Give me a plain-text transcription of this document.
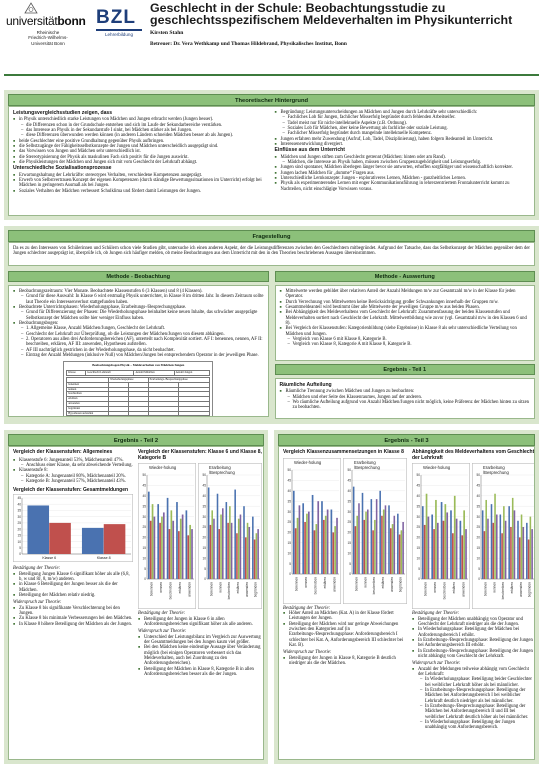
universitätbonn
Rheinische
Friedrich-Wilhelms-
Universität Bonn
BZL
Lehrerbildung
Geschlecht in der Schule: Beobachtungsstudie zu geschlechtsspezifischem Meldeverhalten im Physikunterricht
Kirsten Stahn
Betreuer: Dr. Vera Wethkamp und Thomas Hildebrand, Physikalisches Institut, Bonn
Theoretischer Hintergrund
Leistungsvergleichsstudien zeigen, dass
■ in Physik unterschiedlich starke Leistungen von Mädchen und Jungen erbracht werden (Jungen besser).
– die Differenzen schon in der Grundschule entstehen und sich im Laufe der Sekundarbereiche verstärken.
– das Interesse an Physik in der Sekundarstufe I sinkt, bei Mädchen stärker als bei Jungen.
– diese Differenzen überwunden werden können (in anderen Ländern schneiden Mädchen besser ab als Jungen).
■ beide Geschlechter eine positive Grundhaltung gegenüber Physik aufbringen.
■ die Selbstzugänge der Fähigkeitsselbstkonzepte der Jungen und Mädchen unterscheidlich ausgeprägt sind.
■ das Vorwissen von Jungen und Mädchen sehr unterschiedlich ist.
■ die Stereotypisierung der Physik als maskulinen Fach sich positiv für die Jungen auswirkt.
■ die Physikleistungen der Mädchen und Jungen sich mit vom Geschlecht der Lehrkraft abhängt.
Unterschiedliche Sozialisationsprozesse
■ Erwartungshaltung der Lehrkräfte: stereotypes Verhalten, verschiedene Kompetenzen ausgeprägt.
■ Erwerb von Selbstvertrauen/Konzept der eigenen Kompetenzen (durch ständige Bewertungssituationen im Unterricht) erfolgt bei Mädchen in geringerem Ausmaß als bei Jungen.
■ Soziales Verhalten der Mädchen verbessert Schulklima und fördert damit Leistungen der Jungen.
■ Begründung: Leistungsunterscheidungen an Mädchen und Jungen durch Lehrkräfte sehr unterschiedlich:
– Fachliches Lob für Jungen, fachlicher Misserfolg begründet durch fehlenden Arbeitseifer.
– Tadel meist nur für nicht-intellektuelle Aspekte (z.B. Ordnung).
– Soziales Lob für Mädchen, aber keine Bewertung als fachliche oder soziale Leistung.
– Fachlicher Misserfolg begründet durch mangelnde intellektuelle Kompetenz.
■ Jungen erfahren mehr Zuwendung (Aufruf, Lob, Tadel, Disziplinierung), haben folgern Redeanteil im Unterricht.
■ Interessenentwicklung divergiert.
Einflüsse aus dem Unterricht
■ Mädchen und Jungen stiften zum Geschlecht getrennt (Mädchen: hinten oder am Rand).
– Mädchen, die Interesse an Physik haben, müssen zwischen Gruppenzugehörigkeit und Leistungserfolg.
■ Jungen sind spontaner, Mädchen überlegen länger bevor sie antworten, erhoffen sorgfältiger und wissenschaftlich korrekter.
■ Jungen lachen Mädchen für „dumme“ Fragen aus.
■ Unterschiedliche Lernkonzepte: Jungen - explorativeres Lernen, Mädchen - ganzheitliches Lernen.
■ Physik als experimenterendes Lernen mit enger Kommunikationsführung in lehrerzentriertem Frontalunterricht kommt zu Nachteilen, nicht einschlägige Vorwissen voraus.
Fragestellung
Da es zu den Interessen von Schülerinnen und Schülern schon viele Studien gibt, untersuche ich einen anderen Aspekt, der die Leistungsdifferenzen zwischen den Geschlechtern mitbegründet. Aufgrund der Tatsache, dass das Selbstkonzept der Mädchen gegenüber dem der Jungen schlechter ausgeprägt ist, überprüfe ich, ob Jungen sich häufiger melden, ob meine Beobachtungen aus dem Unterricht mit den in den Theorien beschriebenen Aussagen übereinstimmen.
Methode - Beobachtung
■ Beobachtungszeitraum: Vier Monate. Beobachtete Klassenstufen 6 (3 Klassen) und 8 (4 Klassen).
– Grund für diese Auswahl: In Klasse 6 wird erstmalig Physik unterrichtet, in Klasse 8 im dritten Jahr. In diesem Zeitraum sollte laut Theorie ein Interessenverlust stattgefunden haben.
■ Beobachtete Unterrichtsphasen: Wiederholungsphase, Erarbeitungs-/Besprechungsphase.
– Grund für Differenzierung der Phasen: Die Wiederholungsphase beinhaltet keine neuen Inhalte, das schwächer ausgeprägte Selbstkonzept der Mädchen sollte hier weniger Einfluss haben.
■ Beobachtungsbogen:
– 1. Allgemeine Klasse, Anzahl Mädchen/Jungen, Geschlecht der Lehrkraft.
– Geschlecht der Lehrkraft zur Überprüfung, ob die Leistungen der Mädchen/Jungen von diesem abhängen.
– 2. Operatoren aus allen drei Anforderungsbereichen (AF), unterteilt nach Komplexität sortiert. AF I: benennen, nennen, AF II: beschreiben, erklären, AF III: anwenden, Hypothesen aufstellen.
– AF III nachträglich gestrichen in der Wiederholungsphase, da nicht beobachtet.
– Eintrag der Anzahl Meldungen (inklusive Null) von Mädchen/Jungen bei entsprechendem Operator in der jeweiligen Phase.
Beobachtungsbogen Physik – Meldeverhalten von Mädchen/Jungen
Klasse	Geschlecht Lehrkraft	Anzahl Mädchen	Anzahl Jungen
	Wiederholungsphase		Erarbeitungs-/Besprechungsphase	
benennen				
nennen				
beschreiben				
erklären				
anwenden				
begründen				
Hypothesen aufstellen				
Methode - Auswertung
■ Mittelwerte werden gebildet über relativen Anteil der Anzahl Meldungen m/w zur Gesamtzahl m/w in der Klasse für jeden Operator.
■ Durch Verrechnung von Mittelwerten keine Berücksichtigung großer Schwankungen innerhalb der Gruppen m/w.
■ Gesamtmeldeanteil wird bestimmt über alle Mittelwerte der jeweiligen Gruppe m/w aus beiden Phasen.
■ Bei Abhängigkeit des Meldeverhaltens vom Geschlecht der Lehrkraft: Zusammenfassung der beiden Klassenstufen und Meldeverhalten sortiert nach Geschlecht der Lehrkraft. Mittelwertbildung wie zuvor (vgl. Gesamtzahl m/w in den Klassen 6 und 8).
■ Bei Vergleich der Klassenstufen: Kategorienbildung (siehe Ergebnisse) in Klasse 8 als sehr unterschiedliche Verteilung von Mädchen und Jungen.
– Vergleich von Klasse 6 mit Klasse 8, Kategorie B.
– Vergleich von Klasse 8, Kategorie A mit Klasse 8, Kategorie B.
Ergebnis - Teil 1
Räumliche Aufteilung
■ Räumliche Trennung zwischen Mädchen und Jungen zu beobachten:
– Mädchen und eher Seite des Klassenraumes, Jungen auf der anderen.
– Wo räumliche Aufteilung aufgrund von Anzahl Mädchen/Jungen nicht möglich, keine Präferenz der Mädchen hinten zu sitzen zu beobachten.
Ergebnis - Teil 2
Vergleich der Klassenstufen: Allgemeines
■ Klassenstufe 6: Jungenanteil 53%, Mädchenanteil 47%.
– Anschluss einer Klasse, da sehr abweichende Verteilung.
■ Klassenstufe 8:
– Kategorie A: Jungenanteil 80%, Mädchenanteil 20%.
– Kategorie B: Jungenanteil 57%, Mädchenanteil 43%.
Vergleich der Klassenstufen: Gesamtmeldungen
0
5
10
15
20
25
30
35
40
45
Klasse 6	Klasse 8
Bestätigung der Theorie:
■ Beteiligung Jungen Klasse 6 signifikant höher als alle (6,8, b, w und 8J, 8, m/w) anderen.
■ in Klasse 6 Beteiligung der Jungen besser als die der Mädchen.
■ Beteiligung der Mädchen relativ niedrig.
Widerspruch zur Theorie:
■ Zu Klasse 8 bis signifikante Verschlechterung bei den Jungen.
■ Zu Klasse 8 bis minimale Verbesserungen bei den Mädchen.
■ In Klasse 8 höhere Beteiligung der Mädchen als der Jungen.
Vergleich der Klassenstufen: Klasse 6 und Klasse 8, Kategorie B
Wieder-holung
0
5
10
15
20
25
30
35
40
45
50
benennen nennen beschreiben erklären anwenden
Erarbeitung
/Besprechung
0
5
10
15
20
25
30
35
40
45
50
benennen nennen beschreiben erklären anwenden begründen
Bestätigung der Theorie:
■ Beteiligung der Jungen in Klasse 6 in allen Anforderungsbereichen signifikant höher als alle anderen.
Widerspruch zur Theorie:
■ Unterschied der Leistungsbilanz im Vergleich zur Auswertung der Gesamtmeldungen bei den Jungen kaum viel größer.
■ Bei den Mädchen keine eindeutige Aussage über Veränderung möglich (bei einigen Operatoren verbessert sich das Meldeverhalten, auch bei Zuordnung zu den Anforderungsbereichen).
■ Beteiligung der Mädchen in Klasse 8, Kategorie B in allen Anforderungsbereichen besser als die der Jungen.
Ergebnis - Teil 3
Vergleich Klassenzusammensetzungen in Klasse 8
Wieder-holung
0
5
10
15
20
25
30
35
40
45
50
benennen nennen beschreiben erklären anwenden
Erarbeitung
/Besprechung
0
5
10
15
20
25
30
35
40
45
50
benennen nennen beschreiben erklären anwenden begründen
Bestätigung der Theorie:
■ Höher Anteil an Mädchen (Kat. A) in der Klasse fördert Leistungen der Jungen.
■ Beteiligung der Mädchen wird nur geringe Abweichungen zwischen den Kategorien auf (in Erarbeitungs-/Besprechungsphase: Anforderungsbereich I schlechter bei Kat. A, Anforderungsbereich III schlechter bei Kat. B).
Widerspruch zur Theorie:
■ Beteiligung der Jungen in Klasse 8, Kategorie B deutlich niedriger als die der Mädchen.
Abhängigkeit des Meldeverhaltens vom Geschlecht der Lehrkraft
Wieder-holung
0
5
10
15
20
25
30
35
40
45
50
benennen nennen beschreiben erklären anwenden
Erarbeitung
/Besprechung
0
5
10
15
20
25
30
35
40
45
50
benennen nennen beschreiben erklären anwenden begründen
Bestätigung der Theorie:
■ Beteiligung der Mädchen unabhängig von Operator und Geschlecht der Lehrkraft niedriger als die der Jungen.
■ In Wiederholungsphase: Beteiligung der Mädchen bei Anforderungsbereich I erhöht.
■ In Erarbeitungs-/Besprechungsphase: Beteiligung der Jungen bei Anforderungsbereich III erhöht.
■ In Erarbeitungs-/Besprechungsphase: Beteiligung der Jungen nicht abhängig vom Geschlecht der Lehrkraft.
Widerspruch zur Theorie:
■ Anzahl der Meldungen teilweise abhängig vom Geschlecht der Lehrkraft:
– In Wiederholungsphase: Beteiligung beider Geschlechter bei weiblicher Lehrkraft höher als bei männlicher.
– In Erarbeitungs-/Besprechungsphase: Beteiligung der Mädchen bei Anforderungsbereich I bei weiblicher Lehrkraft deutlich niedriger als bei männlicher.
– In Erarbeitungs-/Besprechungsphase: Beteiligung der Mädchen bei Anforderungsbereich II und III bei weiblicher Lehrkraft deutlich höher als bei männlicher.
– In Wiederholungsphase: Beteiligung der Jungen unabhängig vom Anforderungsbereich.
